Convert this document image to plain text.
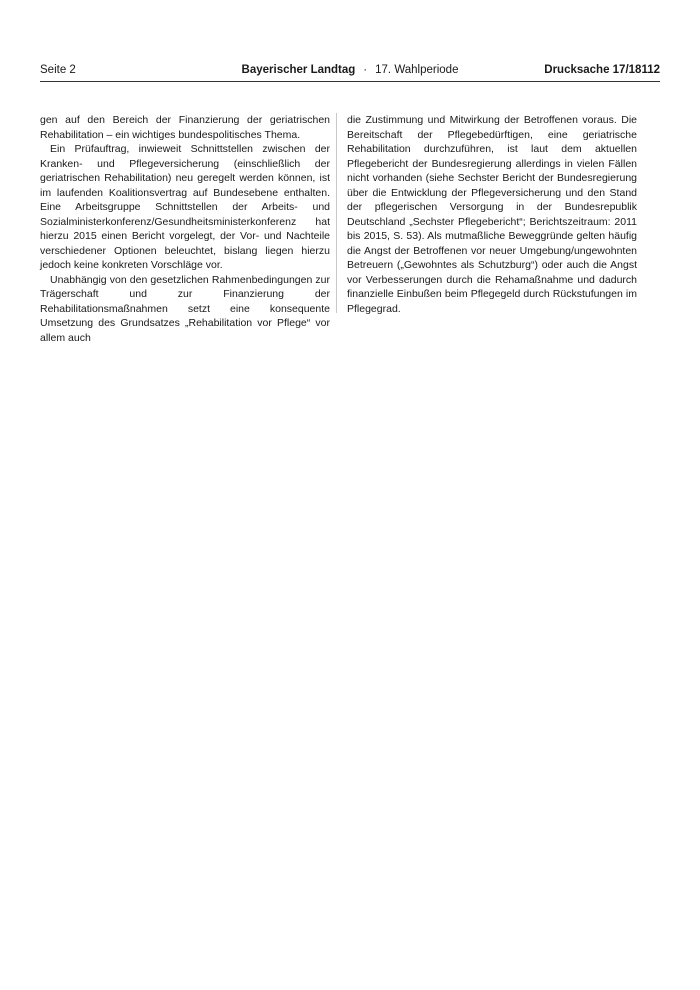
Seite 2	Bayerischer Landtag · 17. Wahlperiode	Drucksache 17/18112

gen auf den Bereich der Finanzierung der geriatrischen Rehabilitation – ein wichtiges bundespolitisches Thema.

Ein Prüfauftrag, inwieweit Schnittstellen zwischen der Kranken- und Pflegeversicherung (einschließlich der geriatrischen Rehabilitation) neu geregelt werden können, ist im laufenden Koalitionsvertrag auf Bundesebene enthalten. Eine Arbeitsgruppe Schnittstellen der Arbeits- und Sozialministerkonferenz/Gesundheitsministerkonferenz hat hierzu 2015 einen Bericht vorgelegt, der Vor- und Nachteile verschiedener Optionen beleuchtet, bislang liegen hierzu jedoch keine konkreten Vorschläge vor.

Unabhängig von den gesetzlichen Rahmenbedingungen zur Trägerschaft und zur Finanzierung der Rehabilitationsmaßnahmen setzt eine konsequente Umsetzung des Grundsatzes „Rehabilitation vor Pflege“ vor allem auch

die Zustimmung und Mitwirkung der Betroffenen voraus. Die Bereitschaft der Pflegebedürftigen, eine geriatrische Rehabilitation durchzuführen, ist laut dem aktuellen Pflegebericht der Bundesregierung allerdings in vielen Fällen nicht vorhanden (siehe Sechster Bericht der Bundesregierung über die Entwicklung der Pflegeversicherung und den Stand der pflegerischen Versorgung in der Bundesrepublik Deutschland „Sechster Pflegebericht“; Berichtszeitraum: 2011 bis 2015, S. 53). Als mutmaßliche Beweggründe gelten häufig die Angst der Betroffenen vor neuer Umgebung/ungewohnten Betreuern („Gewohntes als Schutzburg“) oder auch die Angst vor Verbesserungen durch die Rehamaßnahme und dadurch finanzielle Einbußen beim Pflegegeld durch Rückstufungen im Pflegegrad.
